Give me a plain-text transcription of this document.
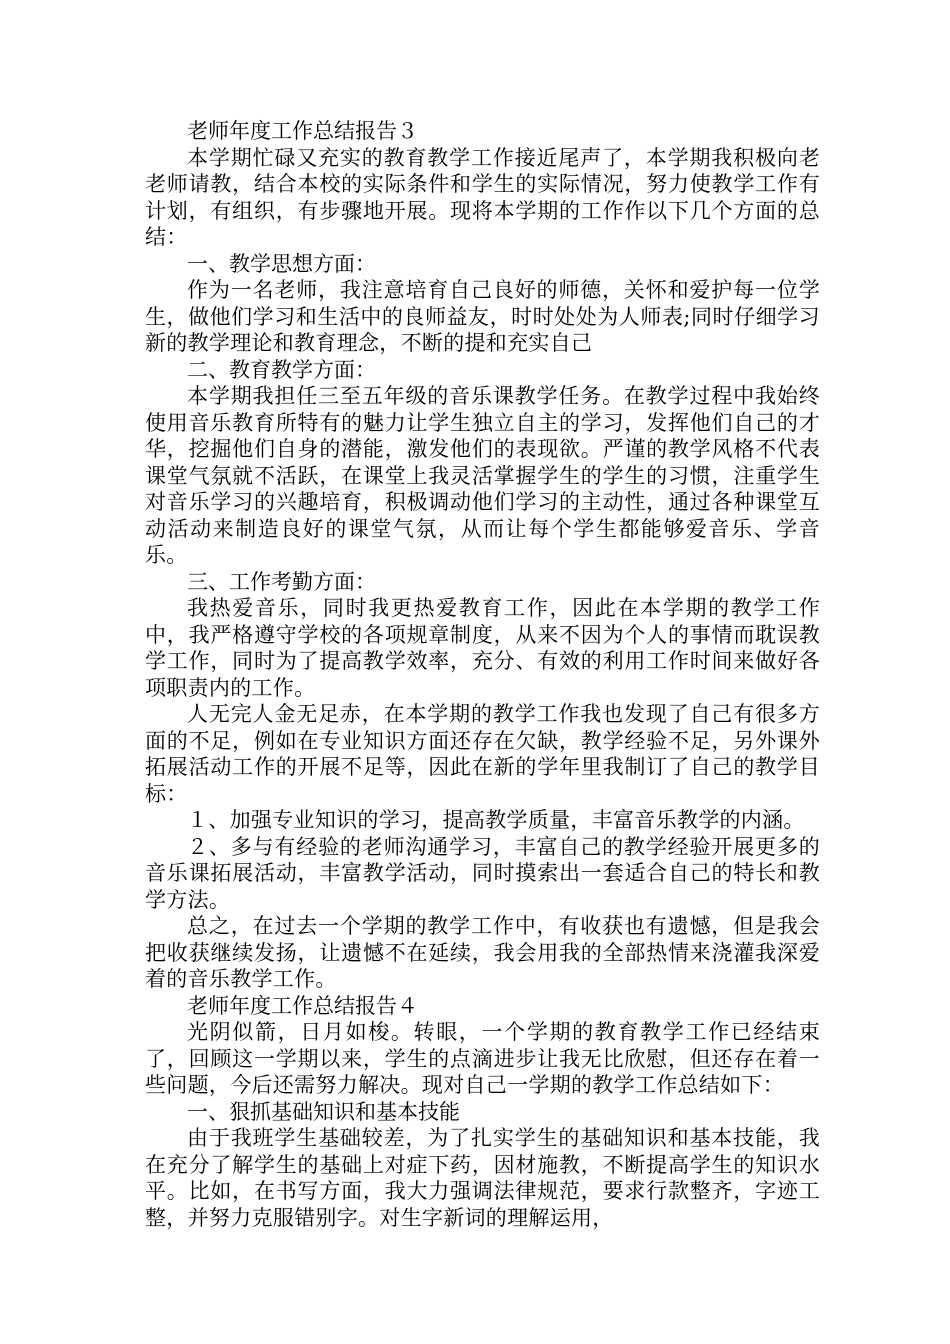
老师年度工作总结报告３

本学期忙碌又充实的教育教学工作接近尾声了，本学期我积极向老老师请教，结合本校的实际条件和学生的实际情况，努力使教学工作有计划，有组织，有步骤地开展。现将本学期的工作作以下几个方面的总结：

一、教学思想方面：

作为一名老师，我注意培育自己良好的师德，关怀和爱护每一位学生，做他们学习和生活中的良师益友，时时处处为人师表;同时仔细学习新的教学理论和教育理念，不断的提和充实自己

二、教育教学方面：

本学期我担任三至五年级的音乐课教学任务。在教学过程中我始终使用音乐教育所特有的魅力让学生独立自主的学习，发挥他们自己的才华，挖掘他们自身的潜能，激发他们的表现欲。严谨的教学风格不代表课堂气氛就不活跃，在课堂上我灵活掌握学生的学生的习惯，注重学生对音乐学习的兴趣培育，积极调动他们学习的主动性，通过各种课堂互动活动来制造良好的课堂气氛，从而让每个学生都能够爱音乐、学音乐。

三、工作考勤方面：

我热爱音乐，同时我更热爱教育工作，因此在本学期的教学工作中，我严格遵守学校的各项规章制度，从来不因为个人的事情而耽误教学工作，同时为了提高教学效率，充分、有效的利用工作时间来做好各项职责内的工作。

人无完人金无足赤，在本学期的教学工作我也发现了自己有很多方面的不足，例如在专业知识方面还存在欠缺，教学经验不足，另外课外拓展活动工作的开展不足等，因此在新的学年里我制订了自己的教学目标：

１、加强专业知识的学习，提高教学质量，丰富音乐教学的内涵。

２、多与有经验的老师沟通学习，丰富自己的教学经验开展更多的音乐课拓展活动，丰富教学活动，同时摸索出一套适合自己的特长和教学方法。

总之，在过去一个学期的教学工作中，有收获也有遗憾，但是我会把收获继续发扬，让遗憾不在延续，我会用我的全部热情来浇灌我深爱着的音乐教学工作。

老师年度工作总结报告４

光阴似箭，日月如梭。转眼，一个学期的教育教学工作已经结束了，回顾这一学期以来，学生的点滴进步让我无比欣慰，但还存在着一些问题，今后还需努力解决。现对自己一学期的教学工作总结如下：

一、狠抓基础知识和基本技能

由于我班学生基础较差，为了扎实学生的基础知识和基本技能，我在充分了解学生的基础上对症下药，因材施教，不断提高学生的知识水平。比如，在书写方面，我大力强调法律规范，要求行款整齐，字迹工整，并努力克服错别字。对生字新词的理解运用，
